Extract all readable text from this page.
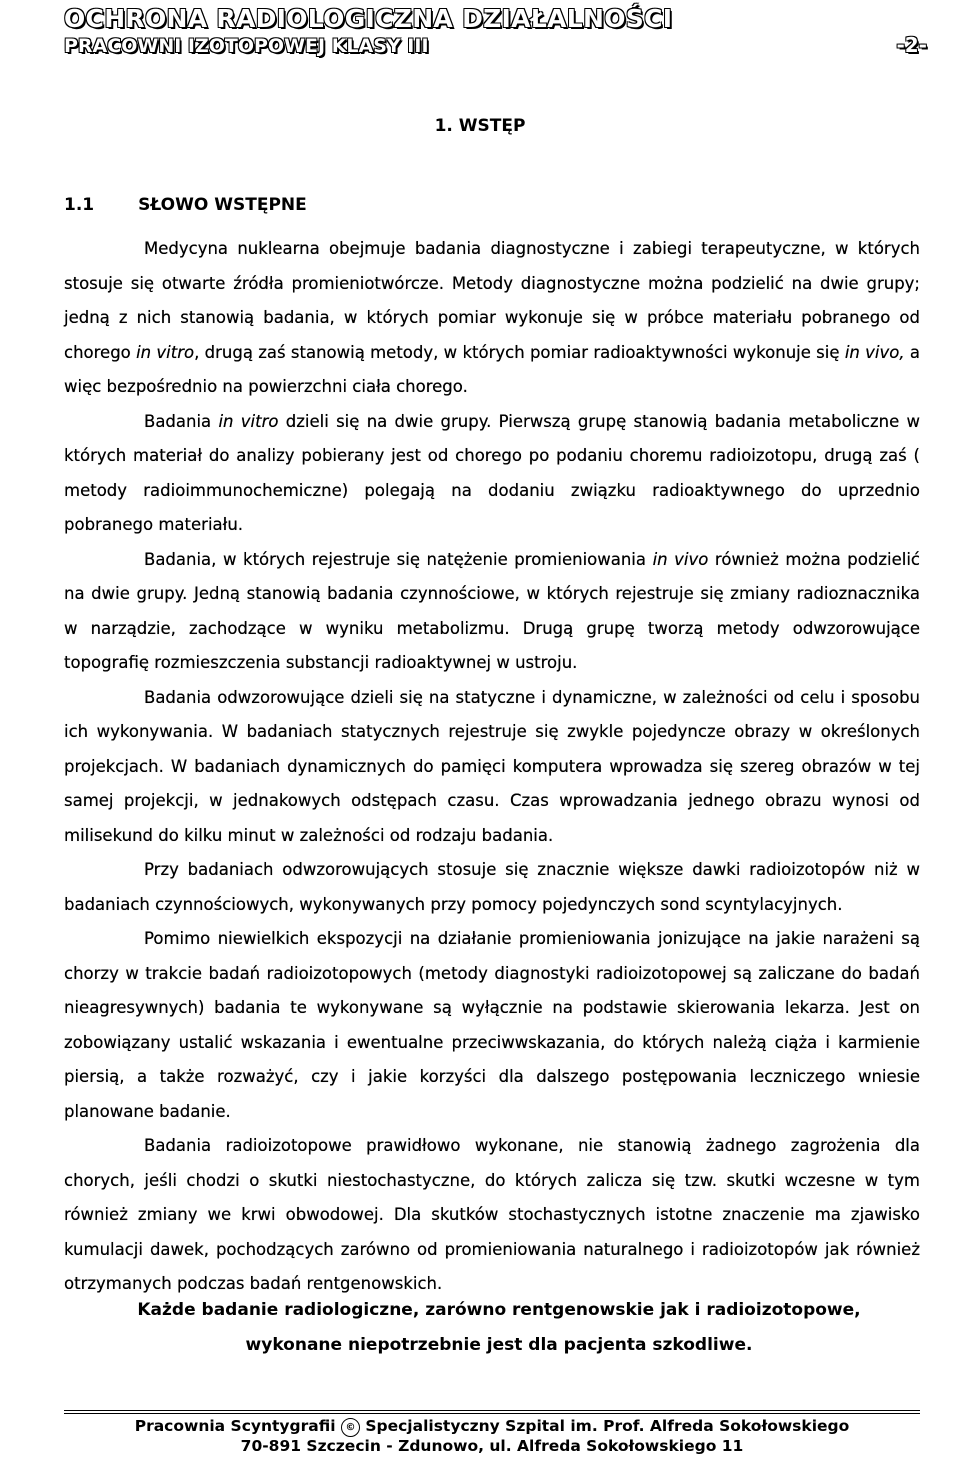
OCHRONA RADIOLOGICZNA DZIAŁALNOŚCI
PRACOWNI IZOTOPOWEJ KLASY III	-2-
1. WSTĘP
1.1	SŁOWO WSTĘPNE

Medycyna nuklearna obejmuje badania diagnostyczne i zabiegi terapeutyczne, w których stosuje się otwarte źródła promieniotwórcze. Metody diagnostyczne można podzielić na dwie grupy; jedną z nich stanowią badania, w których pomiar wykonuje się w próbce materiału pobranego od chorego in vitro, drugą zaś stanowią metody, w których pomiar radioaktywności wykonuje się in vivo, a więc bezpośrednio na powierzchni ciała chorego.

Badania in vitro dzieli się na dwie grupy. Pierwszą grupę stanowią badania metaboliczne w których materiał do analizy pobierany jest od chorego po podaniu choremu radioizotopu, drugą zaś ( metody radioimmunochemiczne) polegają na dodaniu związku radioaktywnego do uprzednio pobranego materiału.

Badania, w których rejestruje się natężenie promieniowania in vivo również można podzielić na dwie grupy. Jedną stanowią badania czynnościowe, w których rejestruje się zmiany radioznacznika w narządzie, zachodzące w wyniku metabolizmu. Drugą grupę tworzą metody odwzorowujące topografię rozmieszczenia substancji radioaktywnej w ustroju.

Badania odwzorowujące dzieli się na statyczne i dynamiczne, w zależności od celu i sposobu ich wykonywania. W badaniach statycznych rejestruje się zwykle pojedyncze obrazy w określonych projekcjach. W badaniach dynamicznych do pamięci komputera wprowadza się szereg obrazów w tej samej projekcji, w jednakowych odstępach czasu. Czas wprowadzania jednego obrazu wynosi od milisekund do kilku minut w zależności od rodzaju badania.

Przy badaniach odwzorowujących stosuje się znacznie większe dawki radioizotopów niż w badaniach czynnościowych, wykonywanych przy pomocy pojedynczych sond scyntylacyjnych.

Pomimo niewielkich ekspozycji na działanie promieniowania jonizujące na jakie narażeni są chorzy w trakcie badań radioizotopowych (metody diagnostyki radioizotopowej są zaliczane do badań nieagresywnych) badania te wykonywane są wyłącznie na podstawie skierowania lekarza. Jest on zobowiązany ustalić wskazania i ewentualne przeciwwskazania, do których należą ciąża i karmienie piersią, a także rozważyć, czy i jakie korzyści dla dalszego postępowania leczniczego wniesie planowane badanie.

Badania radioizotopowe prawidłowo wykonane, nie stanowią żadnego zagrożenia dla chorych, jeśli chodzi o skutki niestochastyczne, do których zalicza się tzw. skutki wczesne w tym również zmiany we krwi obwodowej. Dla skutków stochastycznych istotne znaczenie ma zjawisko kumulacji dawek, pochodzących zarówno od promieniowania naturalnego i radioizotopów jak również otrzymanych podczas badań rentgenowskich.

Każde badanie radiologiczne, zarówno rentgenowskie jak i radioizotopowe,
wykonane niepotrzebnie jest dla pacjenta szkodliwe.
Pracownia Scyntygrafii © Specjalistyczny Szpital im. Prof. Alfreda Sokołowskiego
70-891 Szczecin - Zdunowo, ul. Alfreda Sokołowskiego 11
